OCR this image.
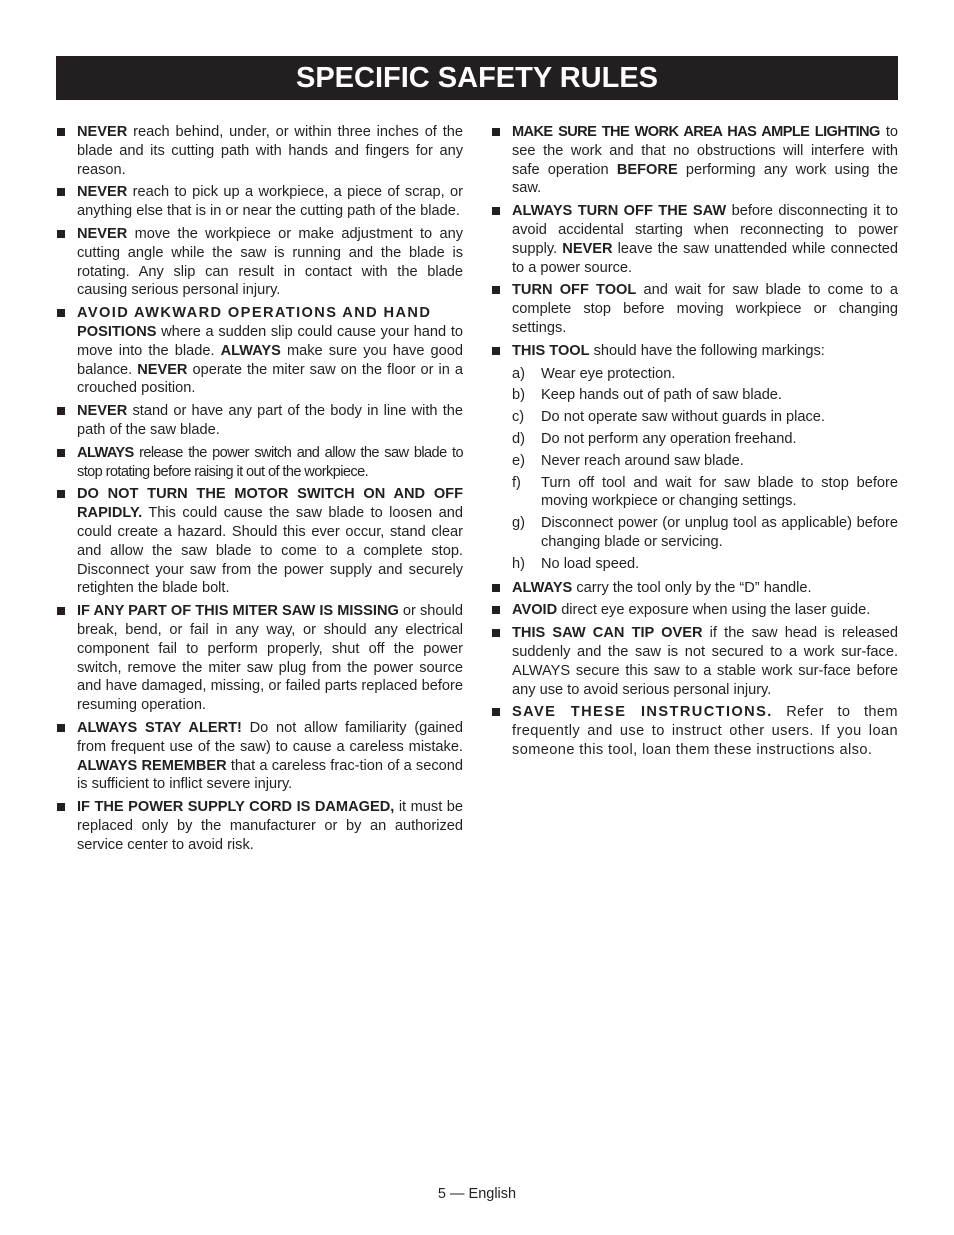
SPECIFIC SAFETY RULES
NEVER reach behind, under, or within three inches of the blade and its cutting path with hands and fingers for any reason.
NEVER reach to pick up a workpiece, a piece of scrap, or anything else that is in or near the cutting path of the blade.
NEVER move the workpiece or make adjustment to any cutting angle while the saw is running and the blade is rotating. Any slip can result in contact with the blade causing serious personal injury.
AVOID AWKWARD OPERATIONS AND HAND
POSITIONS where a sudden slip could cause your hand to move into the blade. ALWAYS make sure you have good balance. NEVER operate the miter saw on the floor or in a crouched position.
NEVER stand or have any part of the body in line with the path of the saw blade.
ALWAYS release the power switch and allow the saw blade to stop rotating before raising it out of the workpiece.
DO NOT TURN THE MOTOR SWITCH ON AND OFF RAPIDLY. This could cause the saw blade to loosen and could create a hazard. Should this ever occur, stand clear and allow the saw blade to come to a complete stop. Disconnect your saw from the power supply and securely retighten the blade bolt.
IF ANY PART OF THIS MITER SAW IS MISSING or should break, bend, or fail in any way, or should any electrical component fail to perform properly, shut off the power switch, remove the miter saw plug from the power source and have damaged, missing, or failed parts replaced before resuming operation.
ALWAYS STAY ALERT! Do not allow familiarity (gained from frequent use of the saw) to cause a careless mistake. ALWAYS REMEMBER that a careless frac-tion of a second is sufficient to inflict severe injury.
IF THE POWER SUPPLY CORD IS DAMAGED, it must be replaced only by the manufacturer or by an authorized service center to avoid risk.
MAKE SURE THE WORK AREA HAS AMPLE LIGHTING to see the work and that no obstructions will interfere with safe operation BEFORE performing any work using the saw.
ALWAYS TURN OFF THE SAW before disconnecting it to avoid accidental starting when reconnecting to power supply. NEVER leave the saw unattended while connected to a power source.
TURN OFF TOOL and wait for saw blade to come to a complete stop before moving workpiece or changing settings.
THIS TOOL should have the following markings:
a) Wear eye protection.
b) Keep hands out of path of saw blade.
c) Do not operate saw without guards in place.
d) Do not perform any operation freehand.
e) Never reach around saw blade.
f) Turn off tool and wait for saw blade to stop before moving workpiece or changing settings.
g) Disconnect power (or unplug tool as applicable) before changing blade or servicing.
h) No load speed.
ALWAYS carry the tool only by the “D” handle.
AVOID direct eye exposure when using the laser guide.
THIS SAW CAN TIP OVER if the saw head is released suddenly and the saw is not secured to a work sur-face. ALWAYS secure this saw to a stable work sur-face before any use to avoid serious personal injury.
SAVE THESE INSTRUCTIONS. Refer to them frequently and use to instruct other users. If you loan someone this tool, loan them these instructions also.
5 — English
